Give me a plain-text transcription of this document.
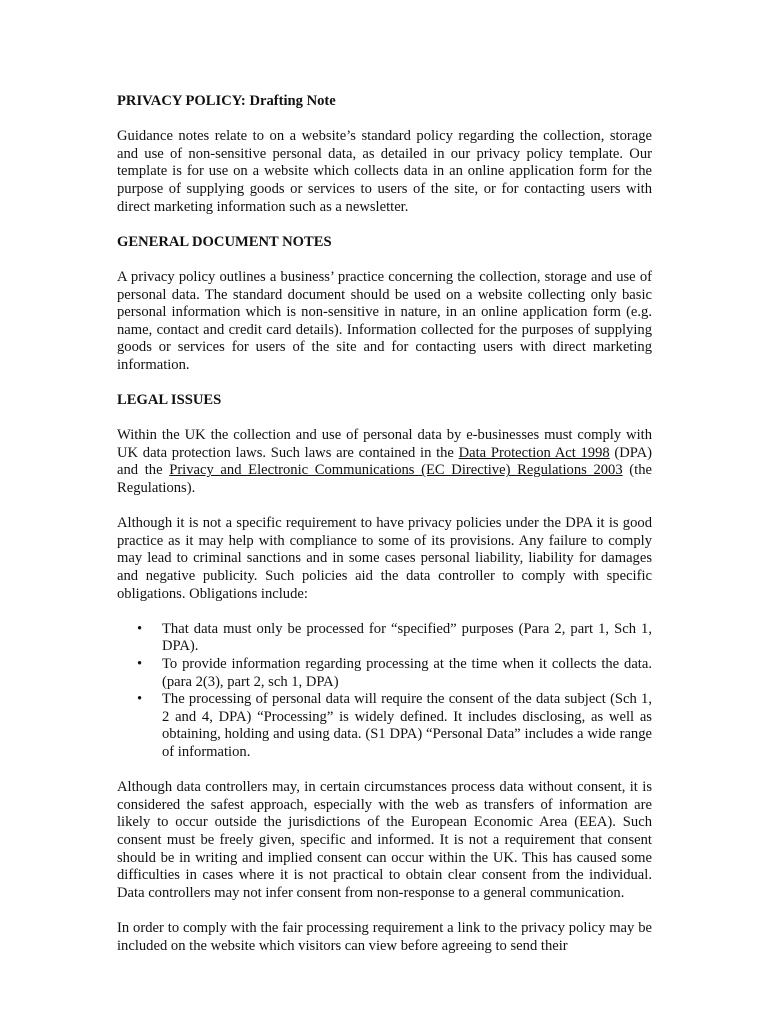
PRIVACY POLICY: Drafting Note

Guidance notes relate to on a website’s standard policy regarding the collection, storage and use of non-sensitive personal data, as detailed in our privacy policy template. Our template is for use on a website which collects data in an online application form for the purpose of supplying goods or services to users of the site, or for contacting users with direct marketing information such as a newsletter.

GENERAL DOCUMENT NOTES

A privacy policy outlines a business’ practice concerning the collection, storage and use of personal data. The standard document should be used on a website collecting only basic personal information which is non-sensitive in nature, in an online application form (e.g. name, contact and credit card details). Information collected for the purposes of supplying goods or services for users of the site and for contacting users with direct marketing information.

LEGAL ISSUES

Within the UK the collection and use of personal data by e-businesses must comply with UK data protection laws. Such laws are contained in the Data Protection Act 1998 (DPA) and the Privacy and Electronic Communications (EC Directive) Regulations 2003 (the Regulations).

Although it is not a specific requirement to have privacy policies under the DPA it is good practice as it may help with compliance to some of its provisions. Any failure to comply may lead to criminal sanctions and in some cases personal liability, liability for damages and negative publicity. Such policies aid the data controller to comply with specific obligations. Obligations include:

• That data must only be processed for “specified” purposes (Para 2, part 1, Sch 1, DPA).
• To provide information regarding processing at the time when it collects the data. (para 2(3), part 2, sch 1, DPA)
• The processing of personal data will require the consent of the data subject (Sch 1, 2 and 4, DPA) “Processing” is widely defined. It includes disclosing, as well as obtaining, holding and using data. (S1 DPA) “Personal Data” includes a wide range of information.

Although data controllers may, in certain circumstances process data without consent, it is considered the safest approach, especially with the web as transfers of information are likely to occur outside the jurisdictions of the European Economic Area (EEA). Such consent must be freely given, specific and informed. It is not a requirement that consent should be in writing and implied consent can occur within the UK. This has caused some difficulties in cases where it is not practical to obtain clear consent from the individual. Data controllers may not infer consent from non-response to a general communication.

In order to comply with the fair processing requirement a link to the privacy policy may be included on the website which visitors can view before agreeing to send their
